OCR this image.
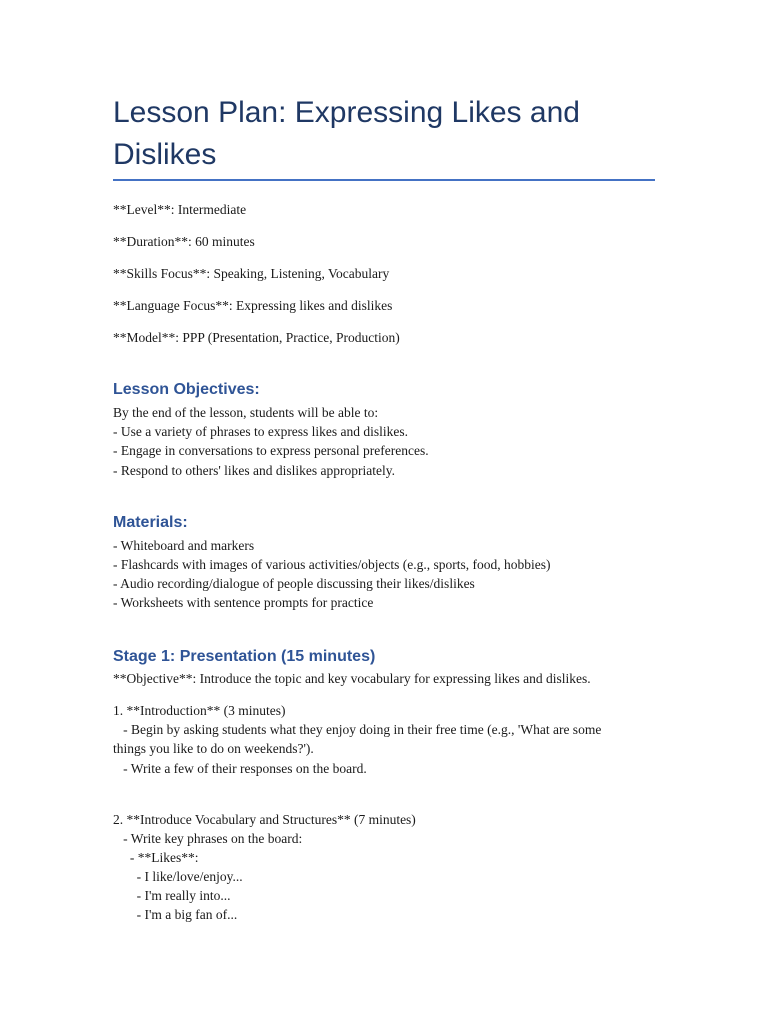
Lesson Plan: Expressing Likes and Dislikes
**Level**: Intermediate
**Duration**: 60 minutes
**Skills Focus**: Speaking, Listening, Vocabulary
**Language Focus**: Expressing likes and dislikes
**Model**: PPP (Presentation, Practice, Production)
Lesson Objectives:
By the end of the lesson, students will be able to:
- Use a variety of phrases to express likes and dislikes.
- Engage in conversations to express personal preferences.
- Respond to others' likes and dislikes appropriately.
Materials:
- Whiteboard and markers
- Flashcards with images of various activities/objects (e.g., sports, food, hobbies)
- Audio recording/dialogue of people discussing their likes/dislikes
- Worksheets with sentence prompts for practice
Stage 1: Presentation (15 minutes)
**Objective**: Introduce the topic and key vocabulary for expressing likes and dislikes.
1. **Introduction** (3 minutes)
- Begin by asking students what they enjoy doing in their free time (e.g., 'What are some
things you like to do on weekends?').
- Write a few of their responses on the board.
2. **Introduce Vocabulary and Structures** (7 minutes)
- Write key phrases on the board:
- **Likes**:
- I like/love/enjoy...
- I'm really into...
- I'm a big fan of...
